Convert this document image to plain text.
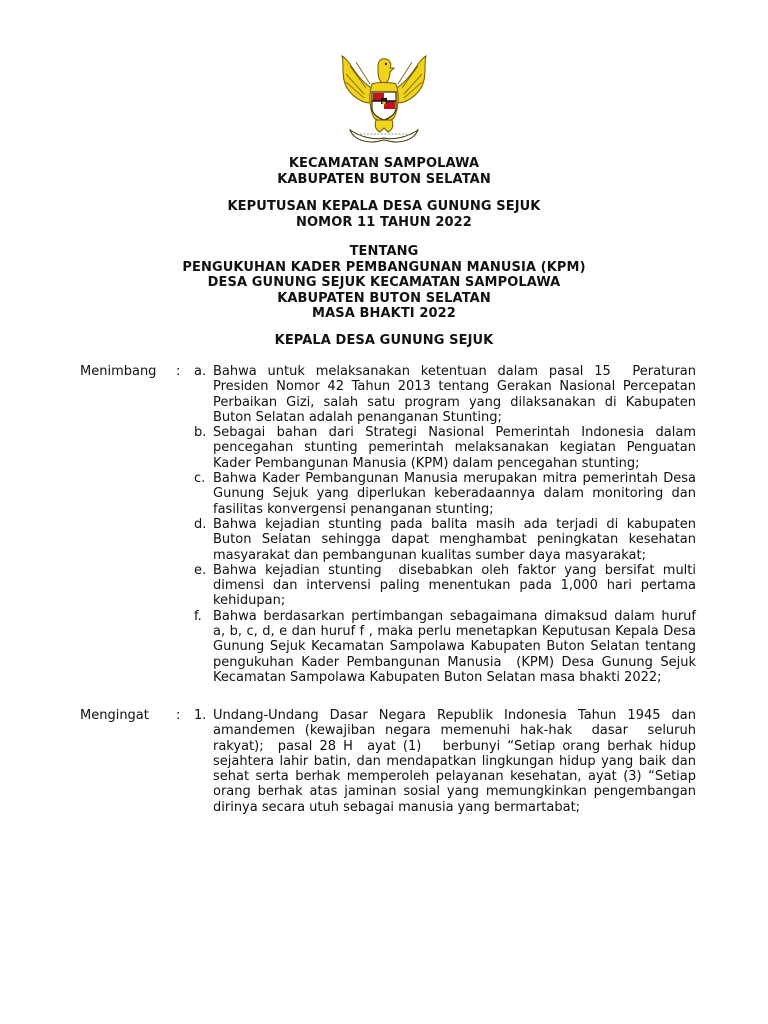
KECAMATAN SAMPOLAWA
KABUPATEN BUTON SELATAN
KEPUTUSAN KEPALA DESA GUNUNG SEJUK
NOMOR 11 TAHUN 2022
TENTANG
PENGUKUHAN KADER PEMBANGUNAN MANUSIA (KPM)
DESA GUNUNG SEJUK KECAMATAN SAMPOLAWA
KABUPATEN BUTON SELATAN
MASA BHAKTI 2022
KEPALA DESA GUNUNG SEJUK
Menimbang : a. Bahwa untuk melaksanakan ketentuan dalam pasal 15  Peraturan Presiden Nomor 42 Tahun 2013 tentang Gerakan Nasional Percepatan Perbaikan Gizi, salah satu program yang dilaksanakan di Kabupaten Buton Selatan adalah penanganan Stunting;
b. Sebagai bahan dari Strategi Nasional Pemerintah Indonesia dalam pencegahan stunting pemerintah melaksanakan kegiatan Penguatan Kader Pembangunan Manusia (KPM) dalam pencegahan stunting;
c. Bahwa Kader Pembangunan Manusia merupakan mitra pemerintah Desa Gunung Sejuk yang diperlukan keberadaannya dalam monitoring dan fasilitas konvergensi penanganan stunting;
d. Bahwa kejadian stunting pada balita masih ada terjadi di kabupaten Buton Selatan sehingga dapat menghambat peningkatan kesehatan masyarakat dan pembangunan kualitas sumber daya masyarakat;
e. Bahwa kejadian stunting  disebabkan oleh faktor yang bersifat multi dimensi dan intervensi paling menentukan pada 1,000 hari pertama kehidupan;
f. Bahwa berdasarkan pertimbangan sebagaimana dimaksud dalam huruf a, b, c, d, e dan huruf f , maka perlu menetapkan Keputusan Kepala Desa Gunung Sejuk Kecamatan Sampolawa Kabupaten Buton Selatan tentang pengukuhan Kader Pembangunan Manusia  (KPM) Desa Gunung Sejuk Kecamatan Sampolawa Kabupaten Buton Selatan masa bhakti 2022;
Mengingat : 1. Undang-Undang Dasar Negara Republik Indonesia Tahun 1945 dan amandemen (kewajiban negara memenuhi hak-hak  dasar  seluruh rakyat);  pasal 28 H  ayat (1)   berbunyi “Setiap orang berhak hidup sejahtera lahir batin, dan mendapatkan lingkungan hidup yang baik dan sehat serta berhak memperoleh pelayanan kesehatan, ayat (3) “Setiap orang berhak atas jaminan sosial yang memungkinkan pengembangan dirinya secara utuh sebagai manusia yang bermartabat;
